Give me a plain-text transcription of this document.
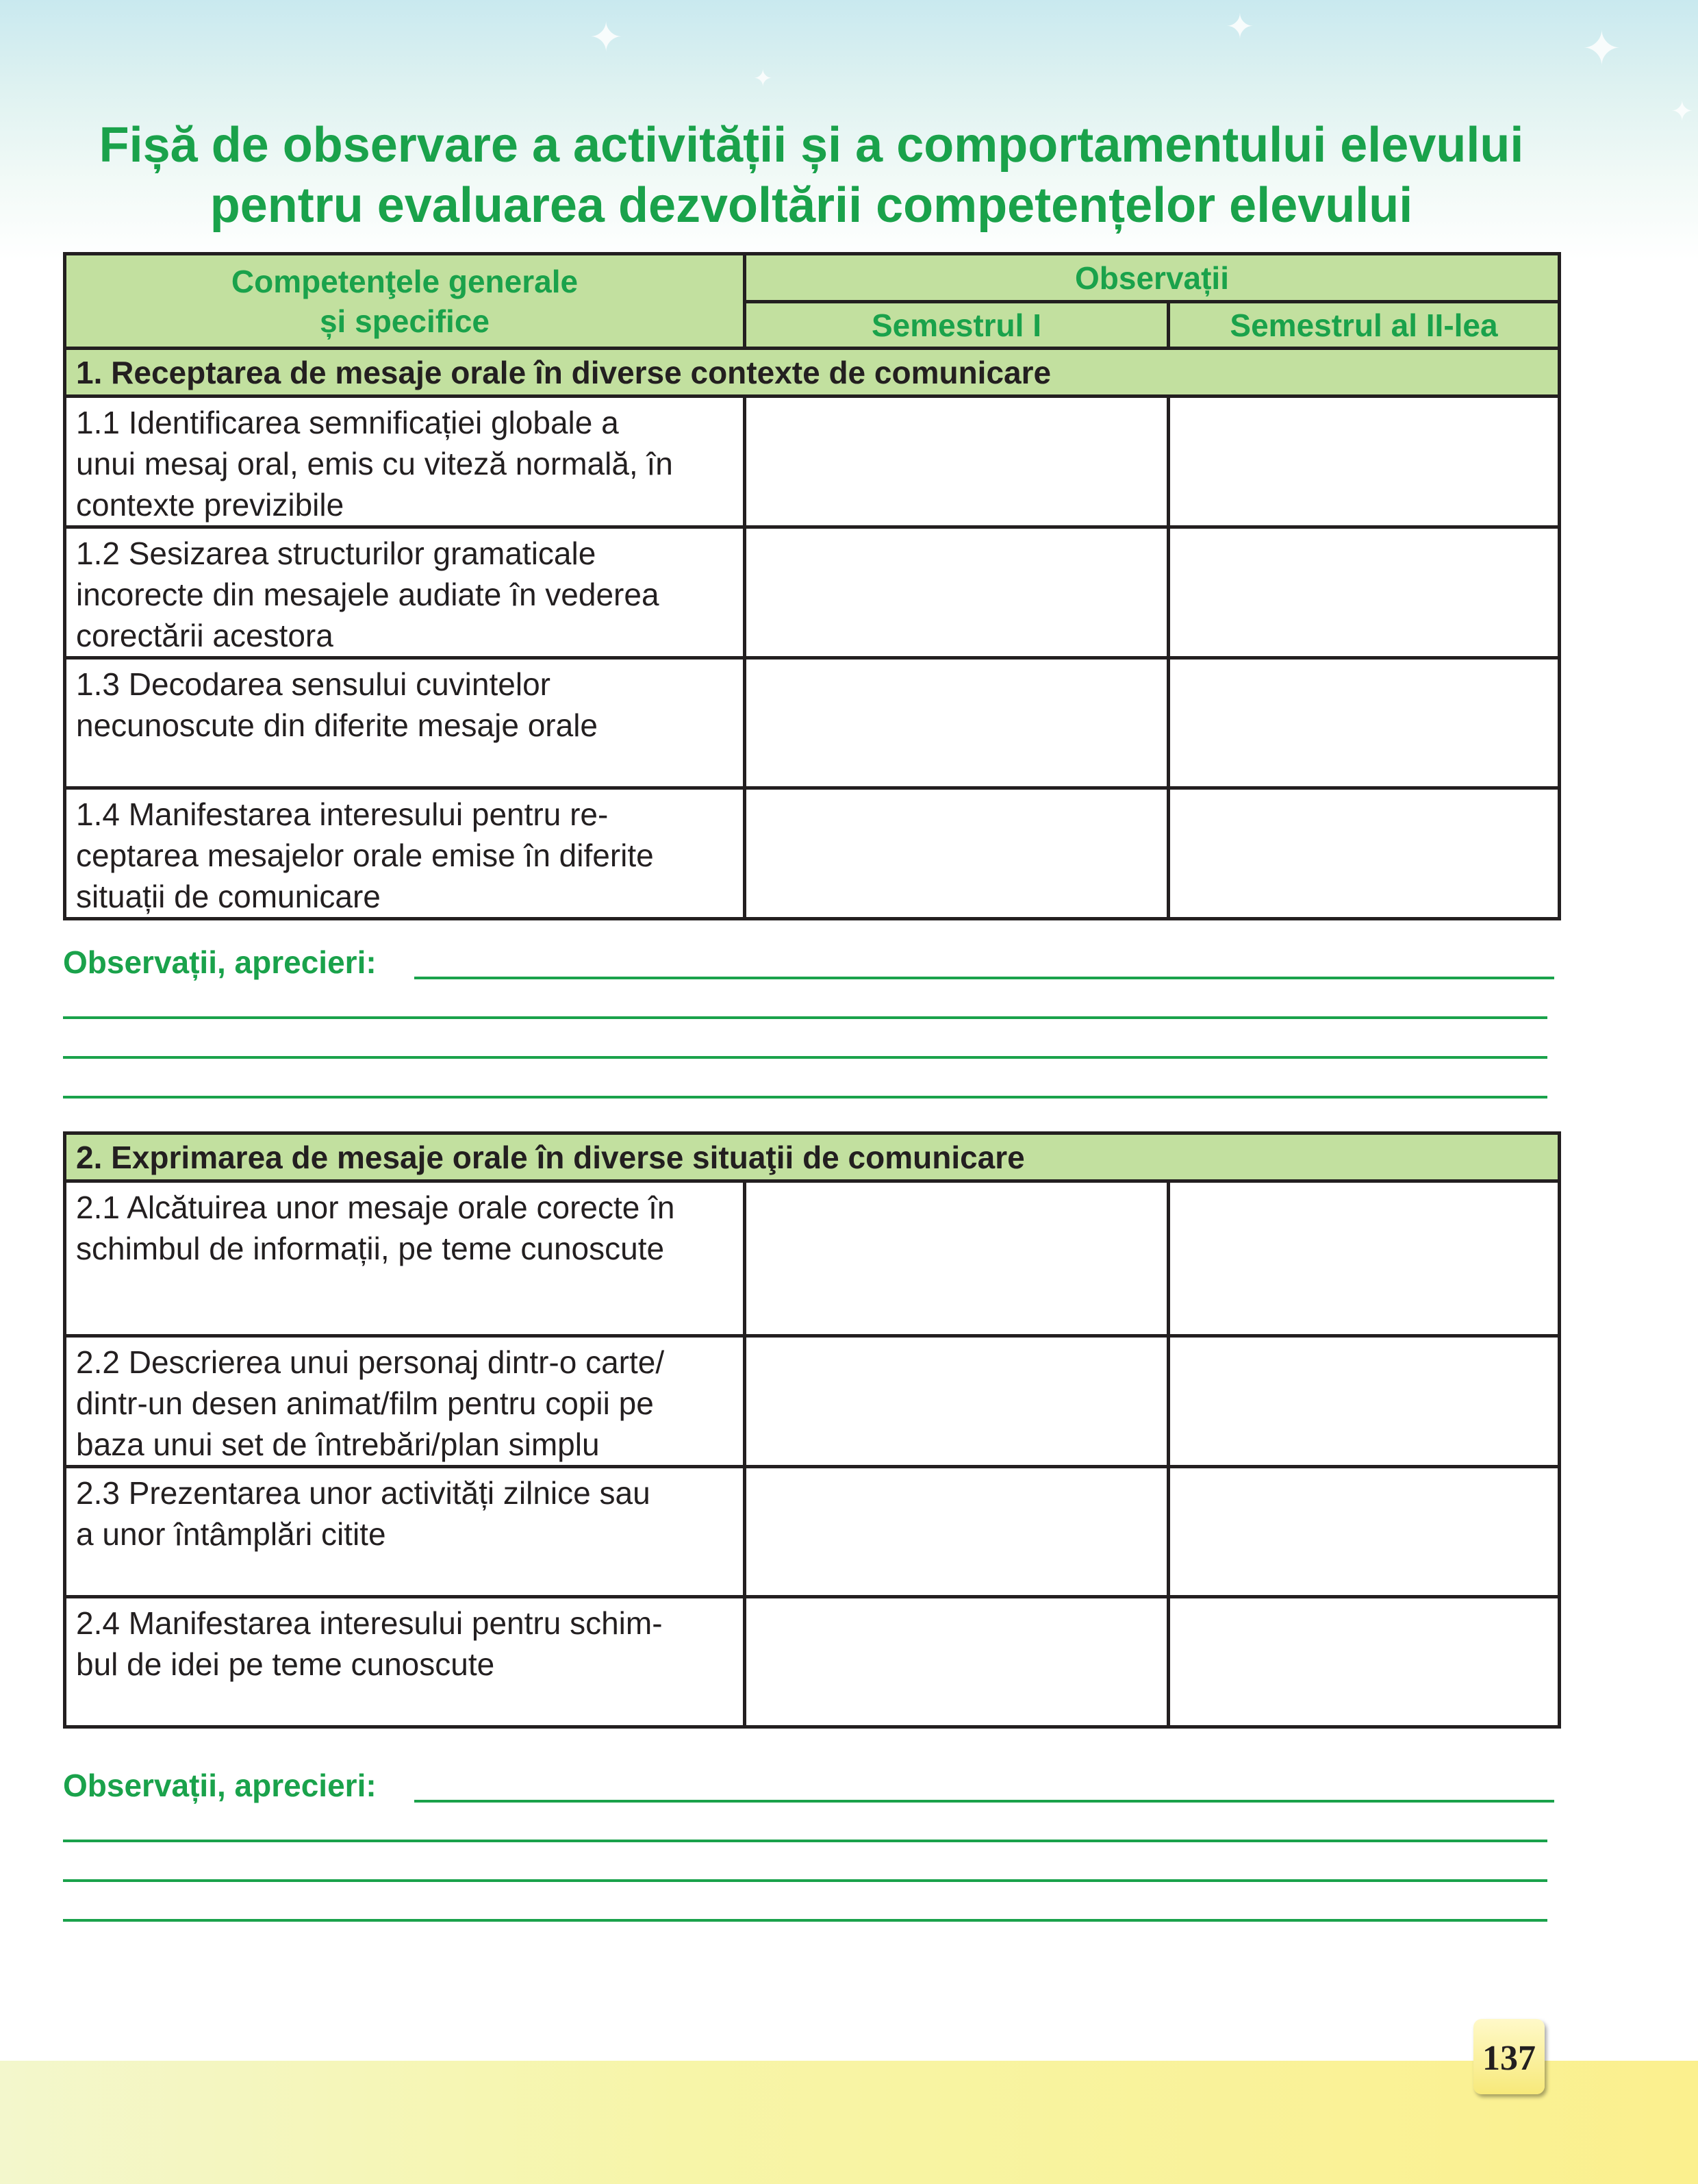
✦
✦
✦	✦
✦
Fișă de observare a activității și a comportamentului elevului
pentru evaluarea dezvoltării competențelor elevului
Competenţele generale
și specifice	Observații	
	Semestrul I	Semestrul al II-lea
1. Receptarea de mesaje orale în diverse contexte de comunicare		

1.1 Identificarea semnificației globale a
unui mesaj oral, emis cu viteză normală, în
contexte previzibile		

1.2 Sesizarea structurilor gramaticale
incorecte din mesajele audiate în vederea
corectării acestora		

1.3 Decodarea sensului cuvintelor
necunoscute din diferite mesaje orale		

1.4 Manifestarea interesului pentru re-
ceptarea mesajelor orale emise în diferite
situații de comunicare		

Observații, aprecieri:
2. Exprimarea de mesaje orale în diverse situaţii de comunicare		

2.1 Alcătuirea unor mesaje orale corecte în
schimbul de informații, pe teme cunoscute		

2.2 Descrierea unui personaj dintr-o carte/
dintr-un desen animat/film pentru copii pe
baza unui set de întrebări/plan simplu		

2.3 Prezentarea unor activități zilnice sau
a unor întâmplări citite		

2.4 Manifestarea interesului pentru schim-
bul de idei pe teme cunoscute		

Observații, aprecieri:
137
